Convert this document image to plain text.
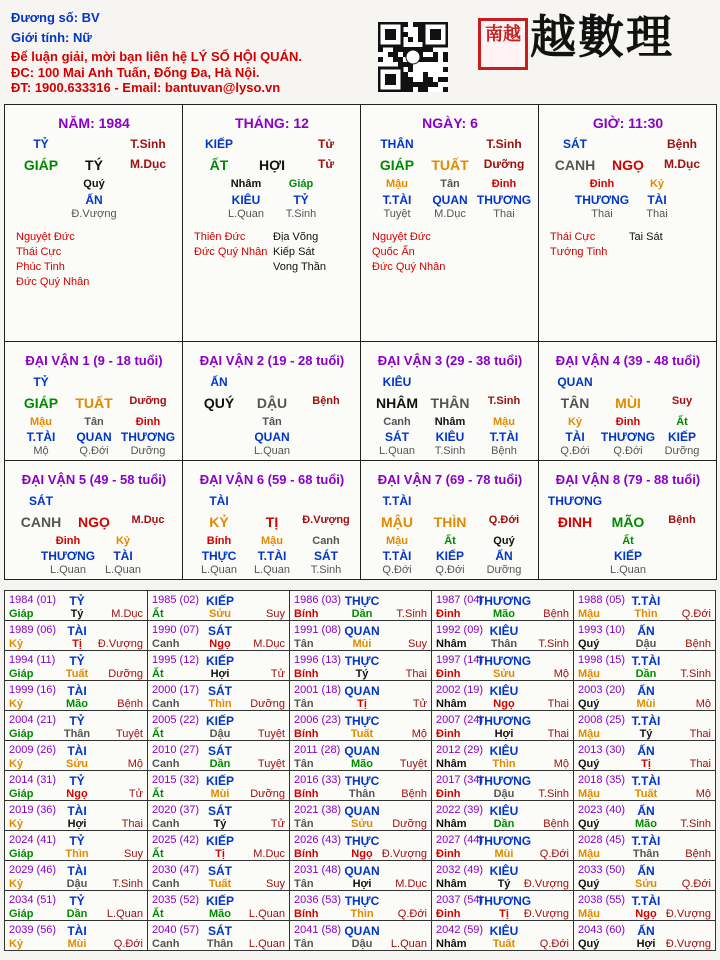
Đương số: BV
Giới tính: Nữ
Để luận giải, mời bạn liên hệ LÝ SỐ HỘI QUÁN.
ĐC: 100 Mai Anh Tuấn, Đống Đa, Hà Nội.
ĐT: 1900.633316 - Email: bantuvan@lyso.vn
南越 越數理
NĂM: 1984
TỶ	T.Sinh
GIÁP TÝ M.Dục
Quý
ẤN
Đ.Vượng
Nguyệt Đức
Thái Cực
Phúc Tinh
Đức Quý Nhân
THÁNG: 12
KIẾP	Tử
ẤT HỢI	Tử
Nhâm
KIÊU
L.Quan
Giáp
TỶ
T.Sinh
Thiên Đức
Đức Quý Nhân
Địa Võng
Kiếp Sát
Vong Thần
NGÀY: 6
THÂN	T.Sinh
GIÁP TUẤT Dưỡng
Mậu
T.TÀI
Tuyệt
Tân
QUAN
M.Dục
Đinh
THƯƠNG
Thai
Nguyệt Đức
Quốc Ấn
Đức Quý Nhân
GIỜ: 11:30
SÁT	Bệnh
CANH NGỌ M.Dục
Đinh
THƯƠNG
Thai
Kỷ
TÀI
Thai
Thái Cực
Tướng Tinh
Tai Sát
ĐẠI VẬN 1 (9 - 18 tuổi)
TỶ
GIÁP TUẤT Dưỡng
Mậu
T.TÀI
Mộ
Tân
QUAN
Q.Đới
Đinh
THƯƠNG
Dưỡng
ĐẠI VẬN 2 (19 - 28 tuổi)
ẤN
QUÝ DẬU Bệnh
Tân
QUAN
L.Quan
ĐẠI VẬN 3 (29 - 38 tuổi)
KIÊU
NHÂM THÂN T.Sinh
Canh
SÁT
L.Quan
Nhâm
KIÊU
T.Sinh
Mậu
T.TÀI
Bệnh
ĐẠI VẬN 4 (39 - 48 tuổi)
QUAN
TÂN MÙI	Suy
Kỷ
TÀI
Q.Đới
Đinh
THƯƠNG
Q.Đới
Ất
KIẾP
Dưỡng
ĐẠI VẬN 5 (49 - 58 tuổi)
SÁT
CANH NGỌ M.Dục
Đinh
THƯƠNG
L.Quan
Kỷ
TÀI
L.Quan
ĐẠI VẬN 6 (59 - 68 tuổi)
TÀI
KỶ	TỊ Đ.Vượng
Bính
THỰC
L.Quan
Mậu
T.TÀI
L.Quan
Canh
SÁT
T.Sinh
ĐẠI VẬN 7 (69 - 78 tuổi)
T.TÀI
MẬU THÌN Q.Đới
Mậu
T.TÀI
Q.Đới
Ất
KIẾP
Q.Đới
Quý
ẤN
Dưỡng
ĐẠI VẬN 8 (79 - 88 tuổi)
THƯƠNG
ĐINH MÃO Bệnh
Ất
KIẾP
L.Quan
1984 (01) TỶ
Giáp	Tý	M.Dục
1985 (02) KIẾP
Ất	Sửu	Suy
1986 (03) THỰC
Bính	Dần T.Sinh
1987 (04)
THƯƠNG
Đinh	Mão	Bệnh
1988 (05) T.TÀI
Mậu	Thìn Q.Đới
1989 (06) TÀI
Kỷ	Tị Đ.Vượng
1990 (07) SÁT
Canh	Ngọ M.Dục
1991 (08) QUAN
Tân	Mùi	Suy
1992 (09) KIÊU
Nhâm Thân T.Sinh
1993 (10) ẤN
Quý	Dậu	Bệnh
1994 (11) TỶ
Giáp	Tuất Dưỡng
1995 (12) KIẾP
Ất	Hợi	Tử
1996 (13) THỰC
Bính	Tý	Thai
1997 (14)
THƯƠNG
Đinh	Sửu	Mộ
1998 (15) T.TÀI
Mậu	Dần T.Sinh
1999 (16) TÀI
Kỷ	Mão	Bệnh
2000 (17) SÁT
Canh	Thìn Dưỡng
2001 (18) QUAN
Tân	Tị	Tử
2002 (19) KIÊU
Nhâm Ngọ	Thai
2003 (20) ẤN
Quý	Mùi	Mộ
2004 (21) TỶ
Giáp	Thân Tuyệt
2005 (22) KIẾP
Ất	Dậu	Tuyệt
2006 (23) THỰC
Bính	Tuất	Mộ
2007 (24)
THƯƠNG
Đinh	Hợi	Thai
2008 (25) T.TÀI
Mậu	Tý	Thai
2009 (26) TÀI
Kỷ	Sửu	Mộ
2010 (27) SÁT
Canh	Dần	Tuyệt
2011 (28) QUAN
Tân	Mão Tuyệt
2012 (29) KIÊU
Nhâm Thìn	Mộ
2013 (30) ẤN
Quý	Tị	Thai
2014 (31) TỶ
Giáp	Ngọ	Tử
2015 (32) KIẾP
Ất	Mùi Dưỡng
2016 (33) THỰC
Bính	Thân Bệnh
2017 (34)
THƯƠNG
Đinh	Dậu T.Sinh
2018 (35) T.TÀI
Mậu	Tuất	Mộ
2019 (36) TÀI
Kỷ	Hợi	Thai
2020 (37) SÁT
Canh	Tý	Tử
2021 (38) QUAN
Tân	Sửu Dưỡng
2022 (39) KIÊU
Nhâm Dần	Bệnh
2023 (40) ẤN
Quý	Mão T.Sinh
2024 (41) TỶ
Giáp	Thìn	Suy
2025 (42) KIẾP
Ất	Tị	M.Dục
2026 (43) THỰC
Bính	Ngọ Đ.Vượng
2027 (44)
THƯƠNG
Đinh	Mùi Q.Đới
2028 (45) T.TÀI
Mậu	Thân Bệnh
2029 (46) TÀI
Kỷ	Dậu T.Sinh
2030 (47) SÁT
Canh	Tuất	Suy
2031 (48) QUAN
Tân	Hợi M.Dục
2032 (49) KIÊU
Nhâm	Tý Đ.Vượng
2033 (50) ẤN
Quý	Sửu Q.Đới
2034 (51) TỶ
Giáp	Dần L.Quan
2035 (52) KIẾP
Ất	Mão L.Quan
2036 (53) THỰC
Bính	Thìn Q.Đới
2037 (54)
THƯƠNG
Đinh	Tị Đ.Vượng
2038 (55) T.TÀI
Mậu	Ngọ Đ.Vượng
2039 (56) TÀI
Kỷ	Mùi Q.Đới
2040 (57) SÁT
Canh Thân L.Quan
2041 (58) QUAN
Tân	Dậu L.Quan
2042 (59) KIÊU
Nhâm Tuất Q.Đới
2043 (60) ẤN
Quý	Hợi Đ.Vượng
